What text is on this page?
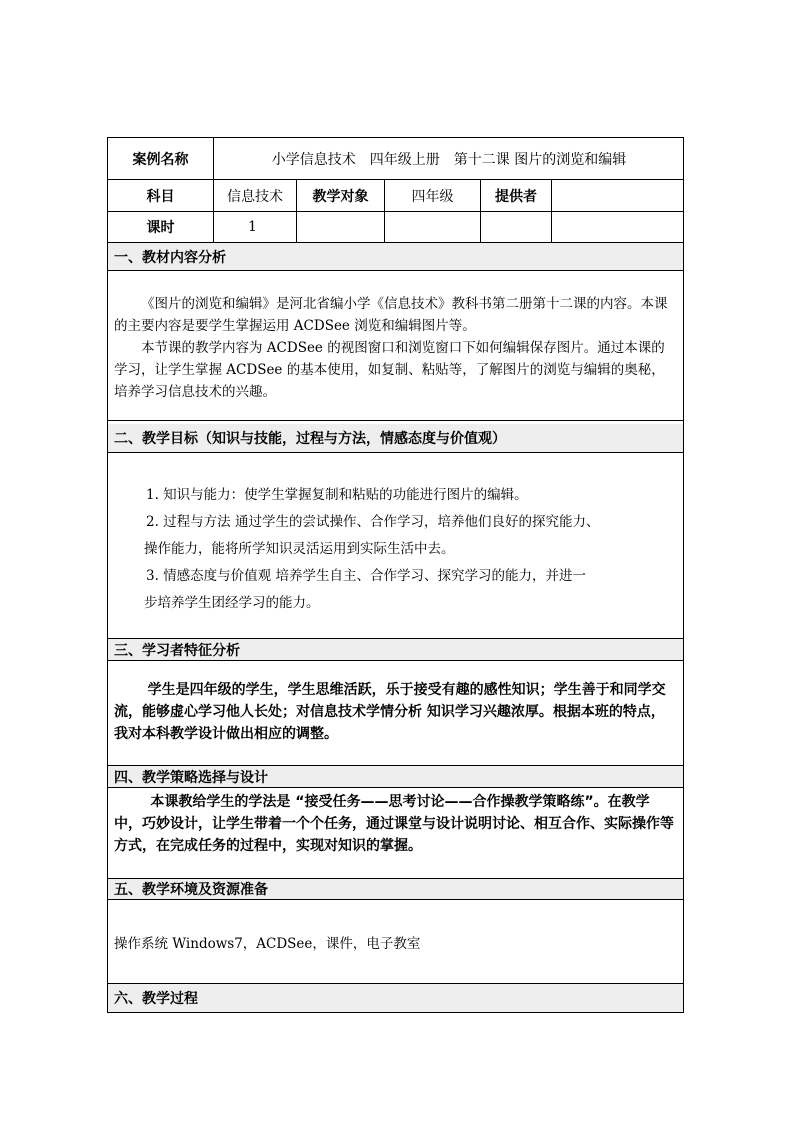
案例名称	小学信息技术　四年级上册　第十二课 图片的浏览和编辑
科目	信息技术	教学对象	四年级	提供者
课时	1
一、教材内容分析

《图片的浏览和编辑》是河北省编小学《信息技术》教科书第二册第十二课的内容。本课的主要内容是要学生掌握运用 ACDSee 浏览和编辑图片等。

本节课的教学内容为 ACDSee 的视图窗口和浏览窗口下如何编辑保存图片。通过本课的学习，让学生掌握 ACDSee 的基本使用，如复制、粘贴等，了解图片的浏览与编辑的奥秘，培养学习信息技术的兴趣。

二、教学目标（知识与技能，过程与方法，情感态度与价值观）

1. 知识与能力：使学生掌握复制和粘贴的功能进行图片的编辑。

2. 过程与方法 通过学生的尝试操作、合作学习，培养他们良好的探究能力、

操作能力，能将所学知识灵活运用到实际生活中去。

3. 情感态度与价值观 培养学生自主、合作学习、探究学习的能力，并进一

步培养学生团经学习的能力。

三、学习者特征分析

学生是四年级的学生，学生思维活跃，乐于接受有趣的感性知识；学生善于和同学交流，能够虚心学习他人长处；对信息技术学情分析 知识学习兴趣浓厚。根据本班的特点，我对本科教学设计做出相应的调整。

四、教学策略选择与设计

本课教给学生的学法是 “接受任务——思考讨论——合作操教学策略练”。在教学中，巧妙设计，让学生带着一个个任务，通过课堂与设计说明讨论、相互合作、实际操作等方式，在完成任务的过程中，实现对知识的掌握。

五、教学环境及资源准备
操作系统 Windows7，ACDSee，课件，电子教室
六、教学过程
